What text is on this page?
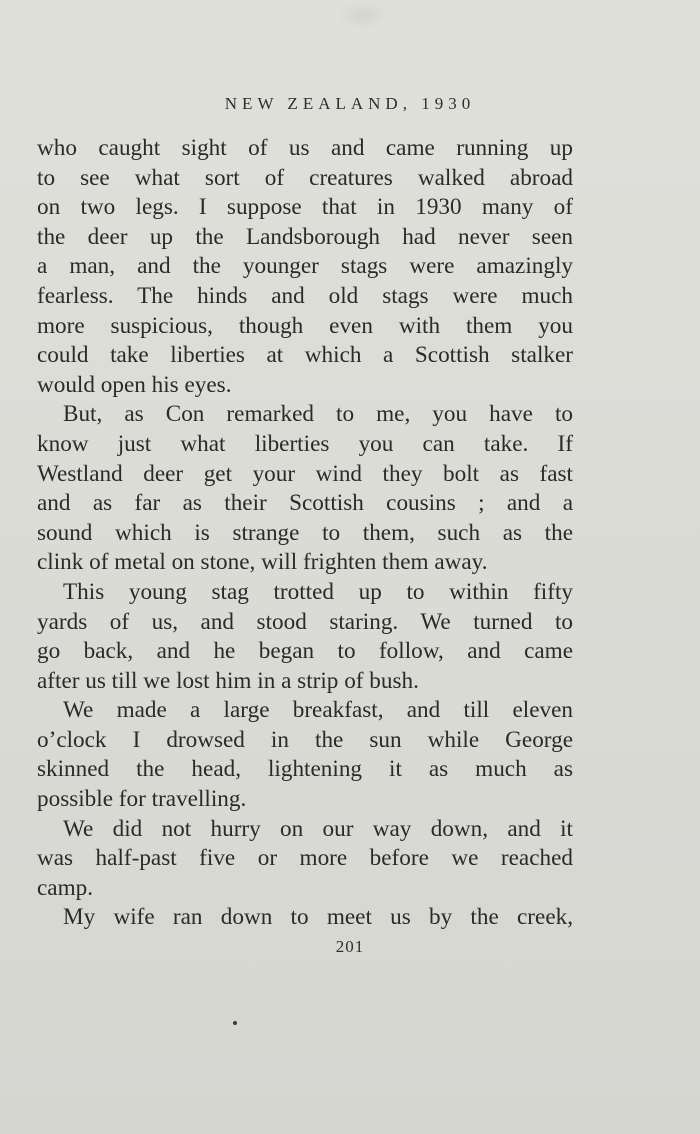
NEW ZEALAND, 1930
who caught sight of us and came running up
to see what sort of creatures walked abroad
on two legs. I suppose that in 1930 many of
the deer up the Landsborough had never seen
a man, and the younger stags were amazingly
fearless. The hinds and old stags were much
more suspicious, though even with them you
could take liberties at which a Scottish stalker
would open his eyes.
But, as Con remarked to me, you have to
know just what liberties you can take. If
Westland deer get your wind they bolt as fast
and as far as their Scottish cousins ; and a
sound which is strange to them, such as the
clink of metal on stone, will frighten them away.
This young stag trotted up to within fifty
yards of us, and stood staring. We turned to
go back, and he began to follow, and came
after us till we lost him in a strip of bush.
We made a large breakfast, and till eleven
o’clock I drowsed in the sun while George
skinned the head, lightening it as much as
possible for travelling.
We did not hurry on our way down, and it
was half-past five or more before we reached
camp.
My wife ran down to meet us by the creek,
201
